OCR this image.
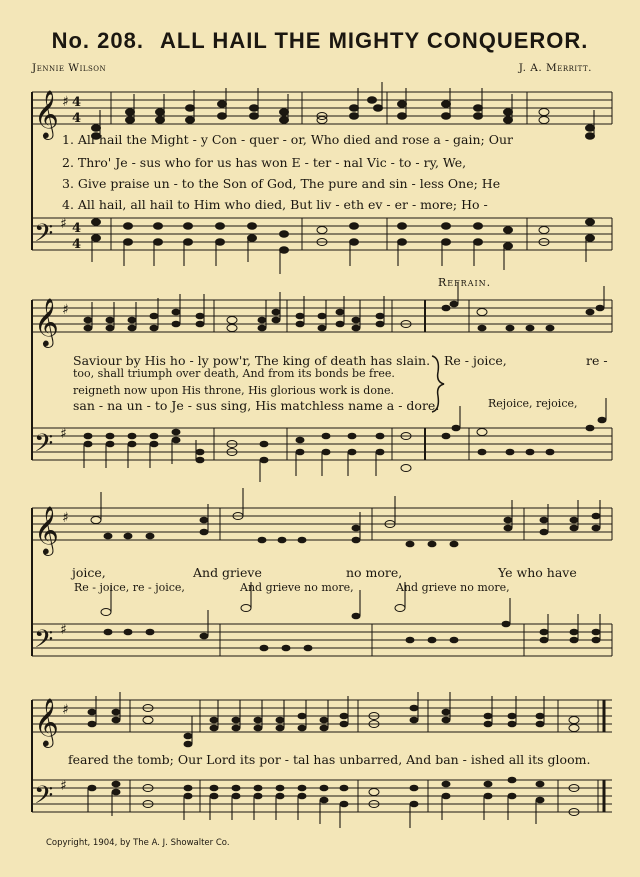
No. 208. ALL HAIL THE MIGHTY CONQUEROR.
Jennie Wilson	J. A. Merritt.
𝄞
𝄢
♯
♯
4
4
4
4
1. All hail the Might - y Con - quer - or, Who died and rose a - gain; Our
2. Thro' Je - sus who for us has won E - ter - nal Vic - to - ry, We,
3. Give praise un - to the Son of God, The pure and sin - less One; He
4. All hail, all hail to Him who died, But liv - eth ev - er - more; Ho -
Refrain.
𝄞
𝄢
♯
♯
Saviour by His ho - ly pow'r, The king of death has slain.
too, shall triumph over death, And from its bonds be free.
reigneth now upon His throne, His glorious work is done.
san - na un - to Je - sus sing, His matchless name a - dore.
Re - joice,	re -
Rejoice, rejoice,
𝄞
𝄢
♯
♯
joice,	And grieve	no more,	Ye who have
Re - joice, re - joice,	And grieve no more,	And grieve no more,
𝄞
𝄢
♯
♯
feared the tomb; Our Lord its por - tal has unbarred, And ban - ished all its gloom.
Copyright, 1904, by The A. J. Showalter Co.
